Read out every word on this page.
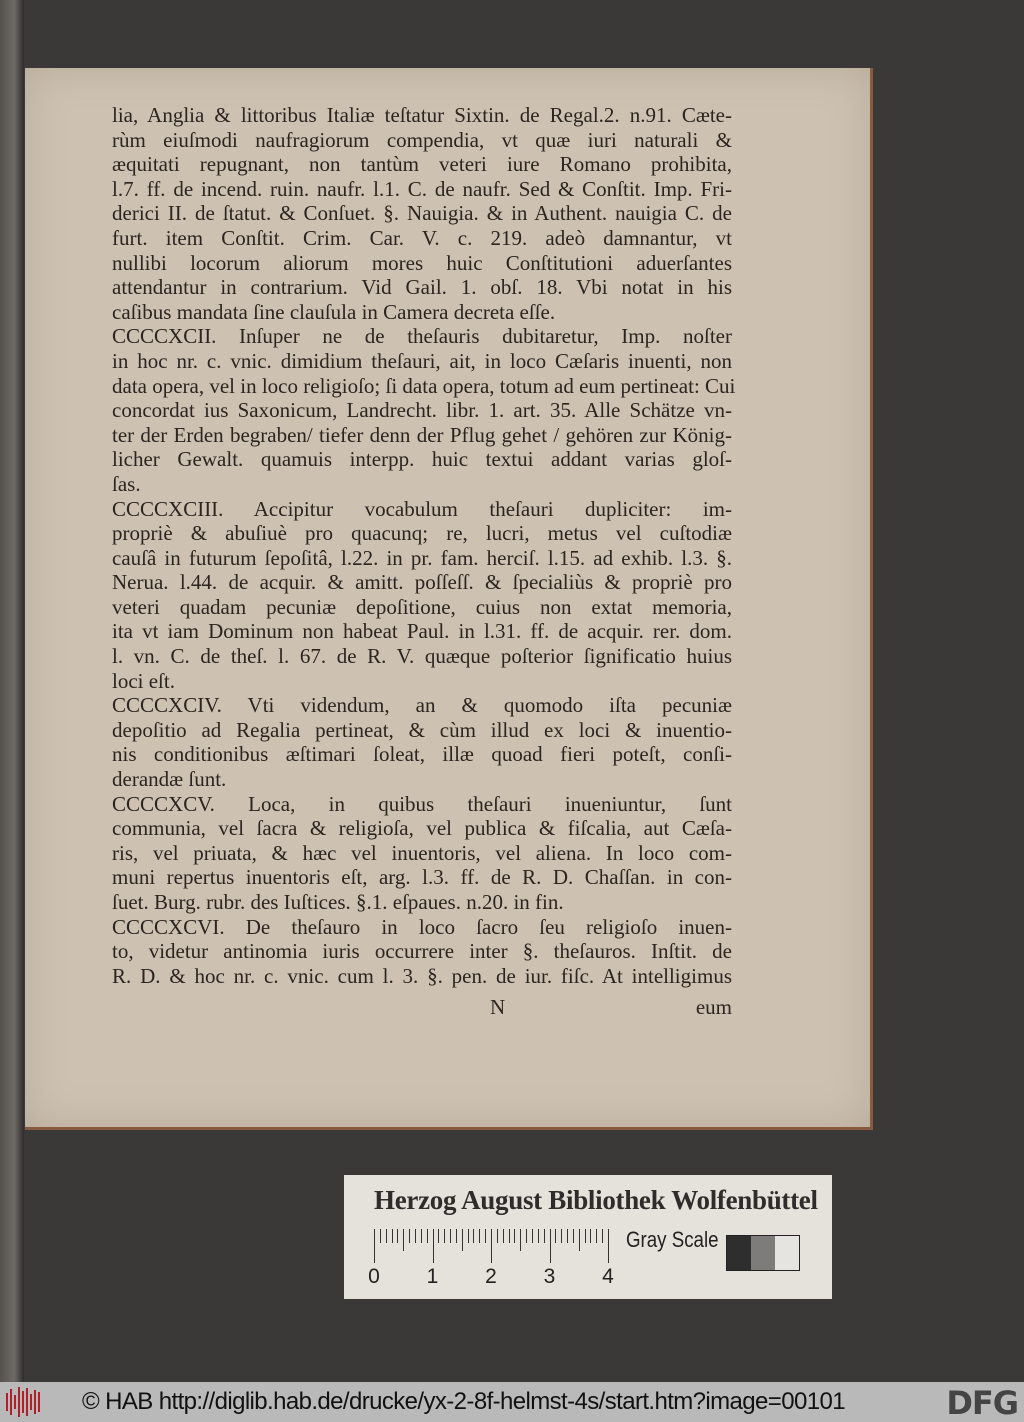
lia, Anglia & littoribus Italiæ teſtatur Sixtin. de Regal.2. n.91. Cæte-
rùm eiuſmodi naufragiorum compendia, vt quæ iuri naturali &
æquitati repugnant, non tantùm veteri iure Romano prohibita,
l.7. ff. de incend. ruin. naufr. l.1. C. de naufr. Sed & Conſtit. Imp. Fri-
derici II. de ſtatut. & Conſuet. §. Nauigia. & in Authent. nauigia C. de
furt. item Conſtit. Crim. Car. V. c. 219. adeò damnantur, vt
nullibi locorum aliorum mores huic Conſtitutioni aduerſantes
attendantur in contrarium. Vid Gail. 1. obſ. 18. Vbi notat in his
caſibus mandata ſine clauſula in Camera decreta eſſe.
CCCCXCII. Inſuper ne de theſauris dubitaretur, Imp. noſter
in hoc nr. c. vnic. dimidium theſauri, ait, in loco Cæſaris inuenti, non
data opera, vel in loco religioſo; ſi data opera, totum ad eum pertineat: Cui
concordat ius Saxonicum, Landrecht. libr. 1. art. 35. Alle Schätze vn-
ter der Erden begraben/ tiefer denn der Pflug gehet / gehören zur König-
licher Gewalt. quamuis interpp. huic textui addant varias gloſ-
ſas.
CCCCXCIII. Accipitur vocabulum theſauri dupliciter: im-
propriè & abuſiuè pro quacunq; re, lucri, metus vel cuſtodiæ
cauſâ in futurum ſepoſitâ, l.22. in pr. fam. herciſ. l.15. ad exhib. l.3. §.
Nerua. l.44. de acquir. & amitt. poſſeſſ. & ſpecialiùs & propriè pro
veteri quadam pecuniæ depoſitione, cuius non extat memoria,
ita vt iam Dominum non habeat Paul. in l.31. ff. de acquir. rer. dom.
l. vn. C. de theſ. l. 67. de R. V. quæque poſterior ſignificatio huius
loci eſt.
CCCCXCIV. Vti videndum, an & quomodo iſta pecuniæ
depoſitio ad Regalia pertineat, & cùm illud ex loci & inuentio-
nis conditionibus æſtimari ſoleat, illæ quoad fieri poteſt, conſi-
derandæ ſunt.
CCCCXCV. Loca, in quibus theſauri inueniuntur, ſunt
communia, vel ſacra & religioſa, vel publica & fiſcalia, aut Cæſa-
ris, vel priuata, & hæc vel inuentoris, vel aliena. In loco com-
muni repertus inuentoris eſt, arg. l.3. ff. de R. D. Chaſſan. in con-
ſuet. Burg. rubr. des Iuſtices. §.1. eſpaues. n.20. in fin.
CCCCXCVI. De theſauro in loco ſacro ſeu religioſo inuen-
to, videtur antinomia iuris occurrere inter §. theſauros. Inſtit. de
R. D. & hoc nr. c. vnic. cum l. 3. §. pen. de iur. fiſc. At intelligimus
N	eum
Herzog August Bibliothek Wolfenbüttel
0 1 2 3 4
Gray Scale
© HAB http://diglib.hab.de/drucke/yx-2-8f-helmst-4s/start.htm?image=00101	DFG
